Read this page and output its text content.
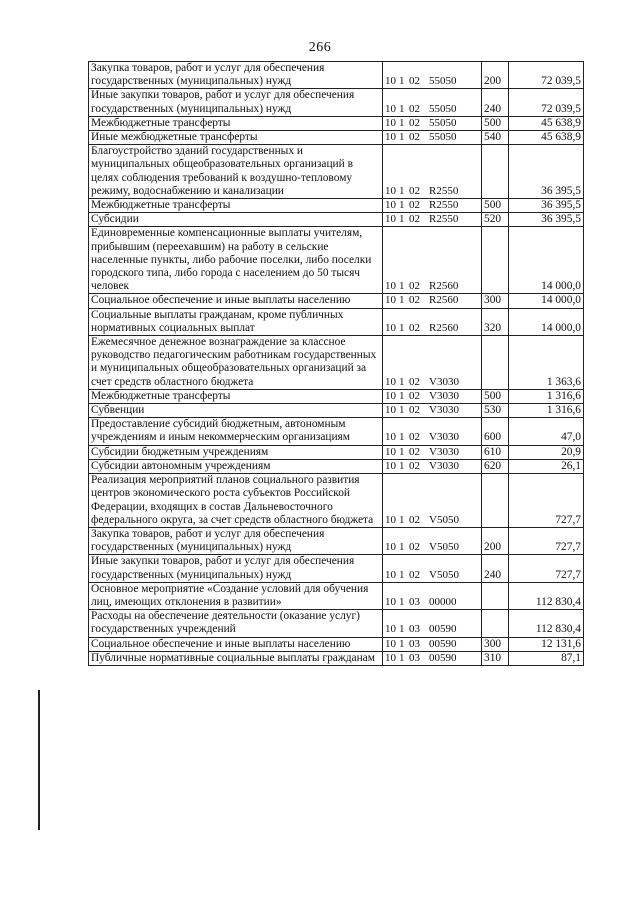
266
Закупка товаров, работ и услуг для обеспечения государственных (муниципальных) нужд	10 1 02 55050	200	72 039,5
Иные закупки товаров, работ и услуг для обеспечения государственных (муниципальных) нужд	10 1 02 55050	240	72 039,5
Межбюджетные трансферты	10 1 02 55050	500	45 638,9
Иные межбюджетные трансферты	10 1 02 55050	540	45 638,9
Благоустройство зданий государственных и муниципальных общеобразовательных организаций в целях соблюдения требований к воздушно-тепловому режиму, водоснабжению и канализации	10 1 02 R2550		36 395,5
Межбюджетные трансферты	10 1 02 R2550	500	36 395,5
Субсидии	10 1 02 R2550	520	36 395,5
Единовременные компенсационные выплаты учителям, прибывшим (переехавшим) на работу в сельские населенные пункты, либо рабочие поселки, либо поселки городского типа, либо города с населением до 50 тысяч человек	10 1 02 R2560		14 000,0
Социальное обеспечение и иные выплаты населению	10 1 02 R2560	300	14 000,0
Социальные выплаты гражданам, кроме публичных нормативных социальных выплат	10 1 02 R2560	320	14 000,0
Ежемесячное денежное вознаграждение за классное руководство педагогическим работникам государственных и муниципальных общеобразовательных организаций за счет средств областного бюджета	10 1 02 V3030		1 363,6
Межбюджетные трансферты	10 1 02 V3030	500	1 316,6
Субвенции	10 1 02 V3030	530	1 316,6
Предоставление субсидий бюджетным, автономным учреждениям и иным некоммерческим организациям	10 1 02 V3030	600	47,0
Субсидии бюджетным учреждениям	10 1 02 V3030	610	20,9
Субсидии автономным учреждениям	10 1 02 V3030	620	26,1
Реализация мероприятий планов социального развития центров экономического роста субъектов Российской Федерации, входящих в состав Дальневосточного федерального округа, за счет средств областного бюджета	10 1 02 V5050		727,7
Закупка товаров, работ и услуг для обеспечения государственных (муниципальных) нужд	10 1 02 V5050	200	727,7
Иные закупки товаров, работ и услуг для обеспечения государственных (муниципальных) нужд	10 1 02 V5050	240	727,7
Основное мероприятие «Создание условий для обучения лиц, имеющих отклонения в развитии»	10 1 03 00000		112 830,4
Расходы на обеспечение деятельности (оказание услуг) государственных учреждений	10 1 03 00590		112 830,4
Социальное обеспечение и иные выплаты населению	10 1 03 00590	300	12 131,6
Публичные нормативные социальные выплаты гражданам	10 1 03 00590	310	87,1
